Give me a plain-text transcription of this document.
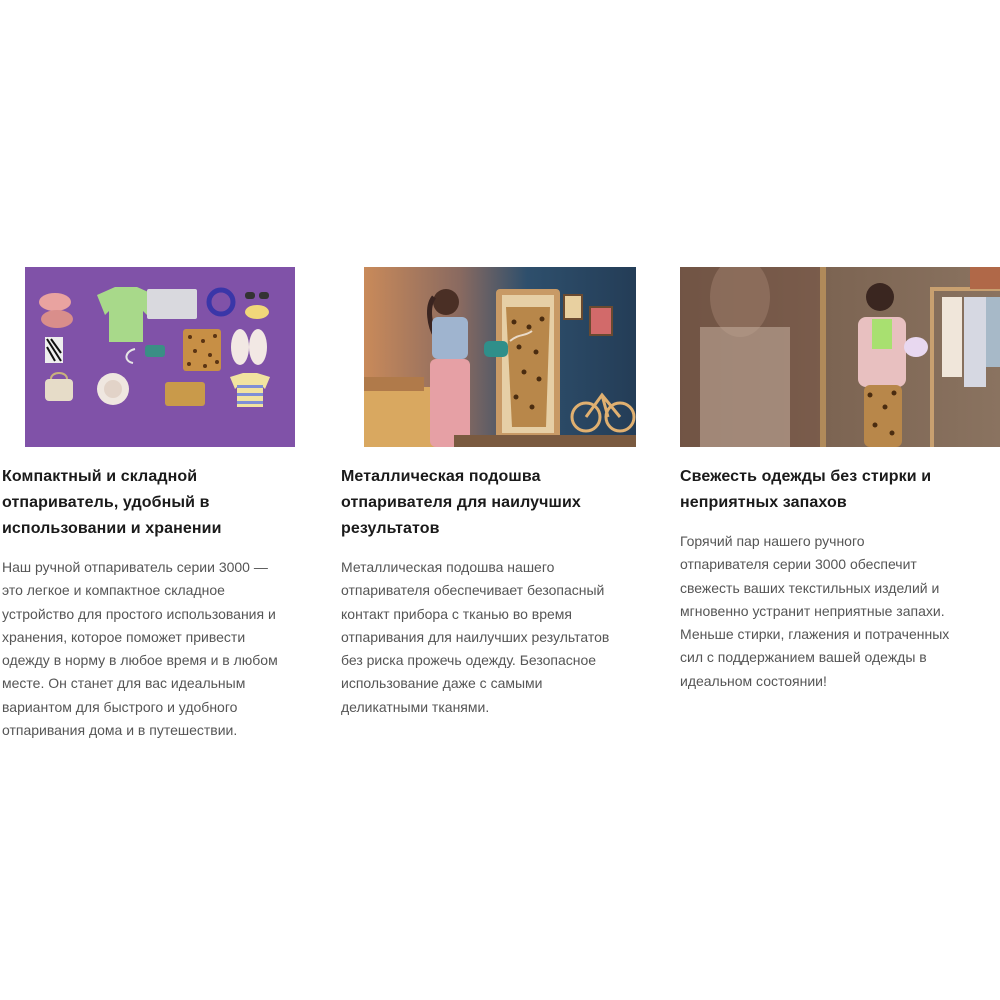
Компактный и складной
отпариватель, удобный в
использовании и хранении
Наш ручной отпариватель серии 3000 —
это легкое и компактное складное
устройство для простого использования и
хранения, которое поможет привести
одежду в норму в любое время и в любом
месте. Он станет для вас идеальным
вариантом для быстрого и удобного
отпаривания дома и в путешествии.
Металлическая подошва
отпаривателя для наилучших
результатов
Металлическая подошва нашего
отпаривателя обеспечивает безопасный
контакт прибора с тканью во время
отпаривания для наилучших результатов
без риска прожечь одежду. Безопасное
использование даже с самыми
деликатными тканями.
Свежесть одежды без стирки и
неприятных запахов
Горячий пар нашего ручного
отпаривателя серии 3000 обеспечит
свежесть ваших текстильных изделий и
мгновенно устранит неприятные запахи.
Меньше стирки, глажения и потраченных
сил с поддержанием вашей одежды в
идеальном состоянии!
